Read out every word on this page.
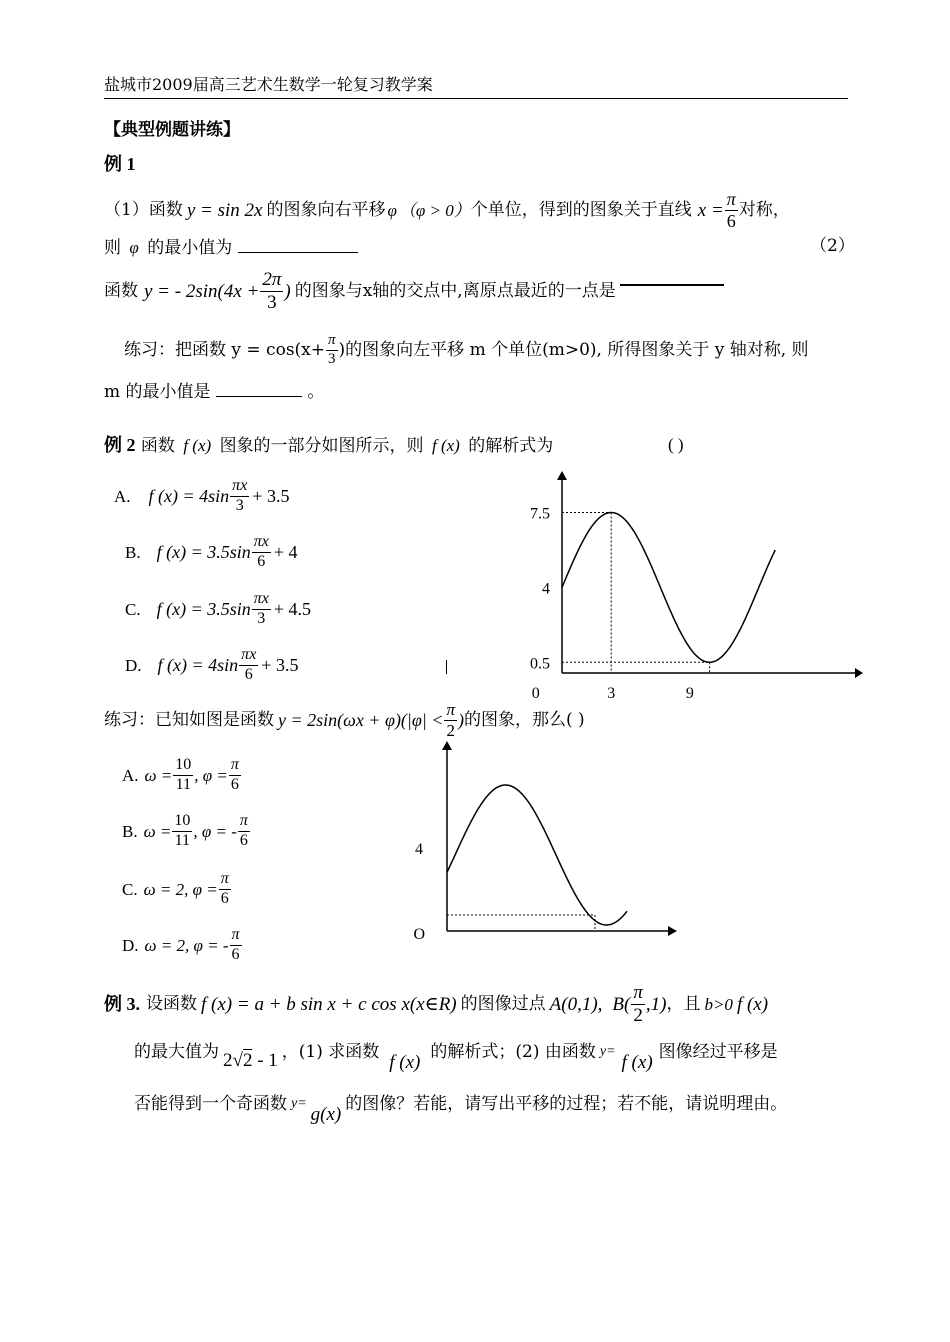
盐城市2009届高三艺术生数学一轮复习教学案
【典型例题讲练】
例 1
（1） 函数 y = sin 2x 的图象向右平移 φ （φ > 0） 个单位，得到的图象关于直线 $x = \frac{\pi}{6}$ 对称，
则 φ 的最小值为	（2）
函数 y = - $2\sin(4x + \frac{2\pi}{3}$ ) 的图象与x轴的交点中,离原点最近的一点是
练习：把函数 $y = \cos(x+ \frac{\pi}{3}$ )的图象向左平移 m 个单位(m>0), 所得图象关于 y 轴对称, 则
m 的最小值是	。
例 2 函数 f (x) 图象的一部分如图所示，则 f (x) 的解析式为	( )
A. f $(x) = 4\sin \frac{\pi x}{3} + 3.5$
B. f $(x) = 3.5\sin \frac{\pi x}{6} + 4$
C. f $(x) = 3.5\sin \frac{\pi x}{3} + 4.5$
D. f $(x) = 4\sin \frac{\pi x}{6} + 3.5$
7.5
4
0.5
0	3	9
练习：已知如图是函数 $y = 2\sin(\omega x + \varphi)(|\varphi| < \frac{\pi}{2}$ ) 的图象，那么( )
A. $\omega = \frac{10}{11}$ , $\varphi = \frac{\pi}{6}$
B. $\omega = \frac{10}{11}$ , φ = - $\frac{\pi}{6}$
C. ω = 2, $\varphi = \frac{\pi}{6}$
D. ω = 2, φ = - $\frac{\pi}{6}$
4
O
例 3. 设函数 f (x) = a + b sin x + c cos x(x∈R) 的图像过点 A(0,1), $B( \frac{\pi}{2} ,1)$ ，且 b>0 f (x)
的最大值为 2√2 - 1 ，(1) 求函数 f (x) 的解析式；(2) 由函数 y= f (x) 图像经过平移是
否能得到一个奇函数 y= g(x) 的图像？若能，请写出平移的过程；若不能，请说明理由。
